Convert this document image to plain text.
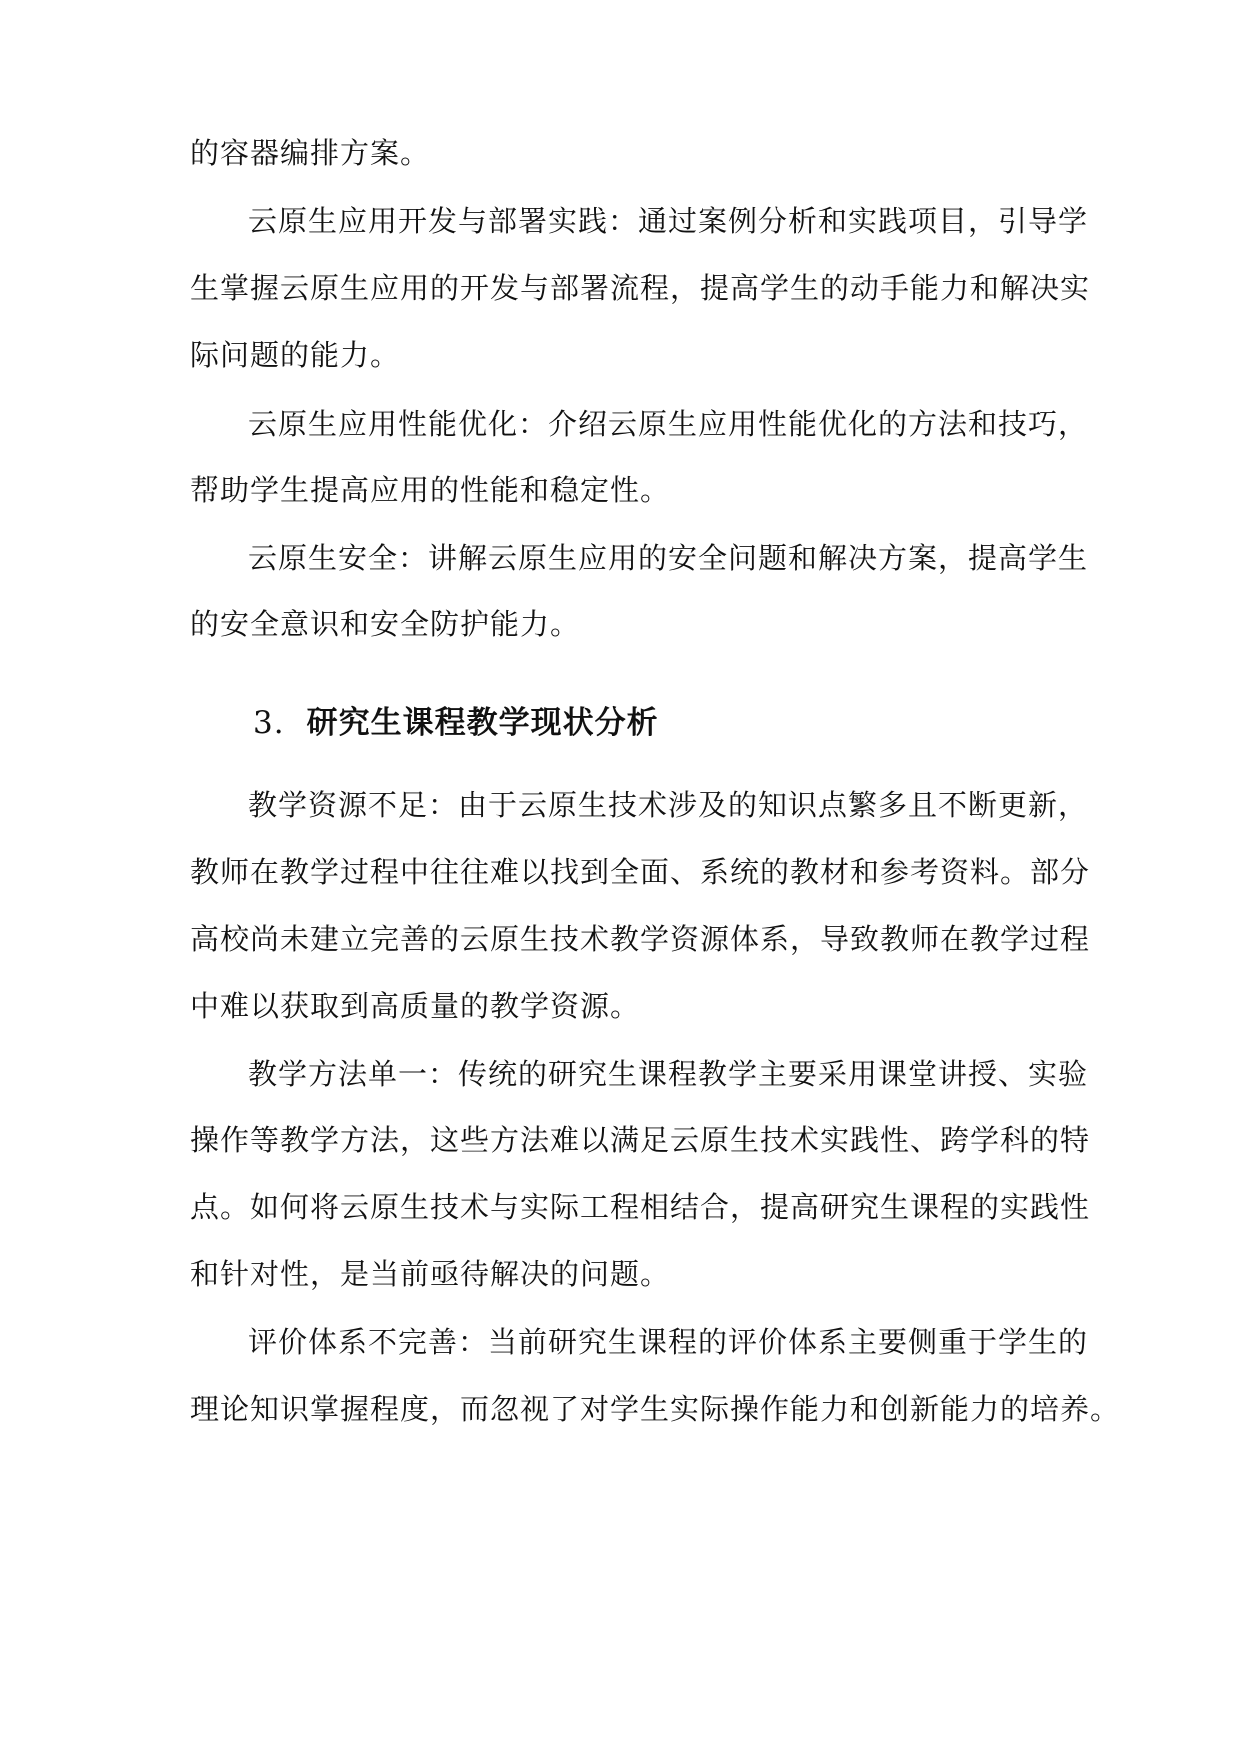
的容器编排方案。
云原生应用开发与部署实践：通过案例分析和实践项目，引导学
生掌握云原生应用的开发与部署流程，提高学生的动手能力和解决实
际问题的能力。
云原生应用性能优化：介绍云原生应用性能优化的方法和技巧，
帮助学生提高应用的性能和稳定性。
云原生安全：讲解云原生应用的安全问题和解决方案，提高学生
的安全意识和安全防护能力。
3. 研究生课程教学现状分析
教学资源不足：由于云原生技术涉及的知识点繁多且不断更新，
教师在教学过程中往往难以找到全面、系统的教材和参考资料。部分
高校尚未建立完善的云原生技术教学资源体系，导致教师在教学过程
中难以获取到高质量的教学资源。
教学方法单一：传统的研究生课程教学主要采用课堂讲授、实验
操作等教学方法，这些方法难以满足云原生技术实践性、跨学科的特
点。如何将云原生技术与实际工程相结合，提高研究生课程的实践性
和针对性，是当前亟待解决的问题。
评价体系不完善：当前研究生课程的评价体系主要侧重于学生的
理论知识掌握程度，而忽视了对学生实际操作能力和创新能力的培养。
